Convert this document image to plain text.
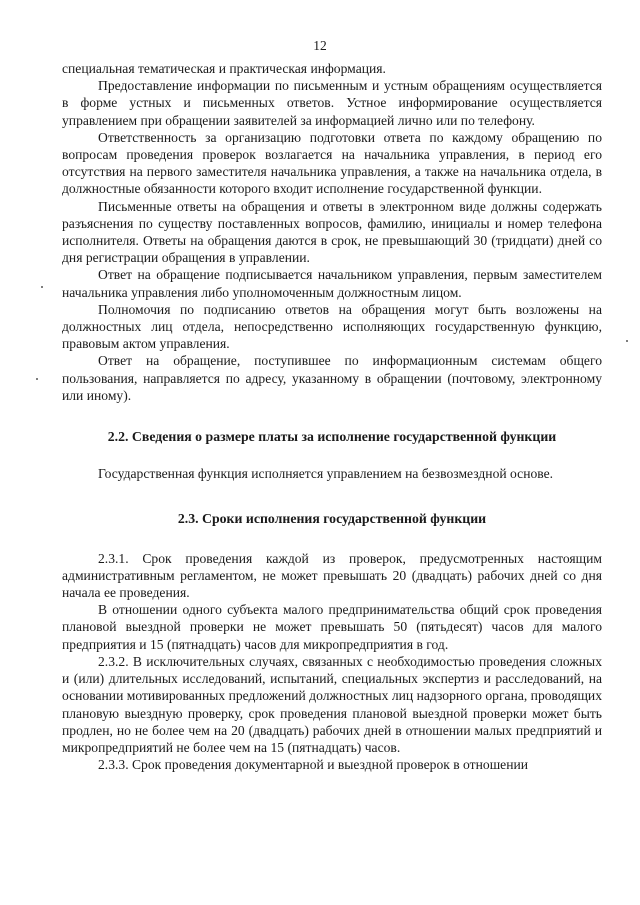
12

специальная тематическая и практическая информация.

Предоставление информации по письменным и устным обращениям осуществляется в форме устных и письменных ответов. Устное информирование осуществляется управлением при обращении заявителей за информацией лично или по телефону.

Ответственность за организацию подготовки ответа по каждому обращению по вопросам проведения проверок возлагается на начальника управления, в период его отсутствия на первого заместителя начальника управления, а также на начальника отдела, в должностные обязанности которого входит исполнение государственной функции.

Письменные ответы на обращения и ответы в электронном виде должны содержать разъяснения по существу поставленных вопросов, фамилию, инициалы и номер телефона исполнителя. Ответы на обращения даются в срок, не превышающий 30 (тридцати) дней со дня регистрации обращения в управлении.

Ответ на обращение подписывается начальником управления, первым заместителем начальника управления либо уполномоченным должностным лицом.

Полномочия по подписанию ответов на обращения могут быть возложены на должностных лиц отдела, непосредственно исполняющих государственную функцию, правовым актом управления.

Ответ на обращение, поступившее по информационным системам общего пользования, направляется по адресу, указанному в обращении (почтовому, электронному или иному).

2.2. Сведения о размере платы за исполнение государственной функции

Государственная функция исполняется управлением на безвозмездной основе.

2.3. Сроки исполнения государственной функции

2.3.1. Срок проведения каждой из проверок, предусмотренных настоящим административным регламентом, не может превышать 20 (двадцать) рабочих дней со дня начала ее проведения.

В отношении одного субъекта малого предпринимательства общий срок проведения плановой выездной проверки не может превышать 50 (пятьдесят) часов для малого предприятия и 15 (пятнадцать) часов для микропредприятия в год.

2.3.2. В исключительных случаях, связанных с необходимостью проведения сложных и (или) длительных исследований, испытаний, специальных экспертиз и расследований, на основании мотивированных предложений должностных лиц надзорного органа, проводящих плановую выездную проверку, срок проведения плановой выездной проверки может быть продлен, но не более чем на 20 (двадцать) рабочих дней в отношении малых предприятий и микропредприятий не более чем на 15 (пятнадцать) часов.

2.3.3. Срок проведения документарной и выездной проверок в отношении
